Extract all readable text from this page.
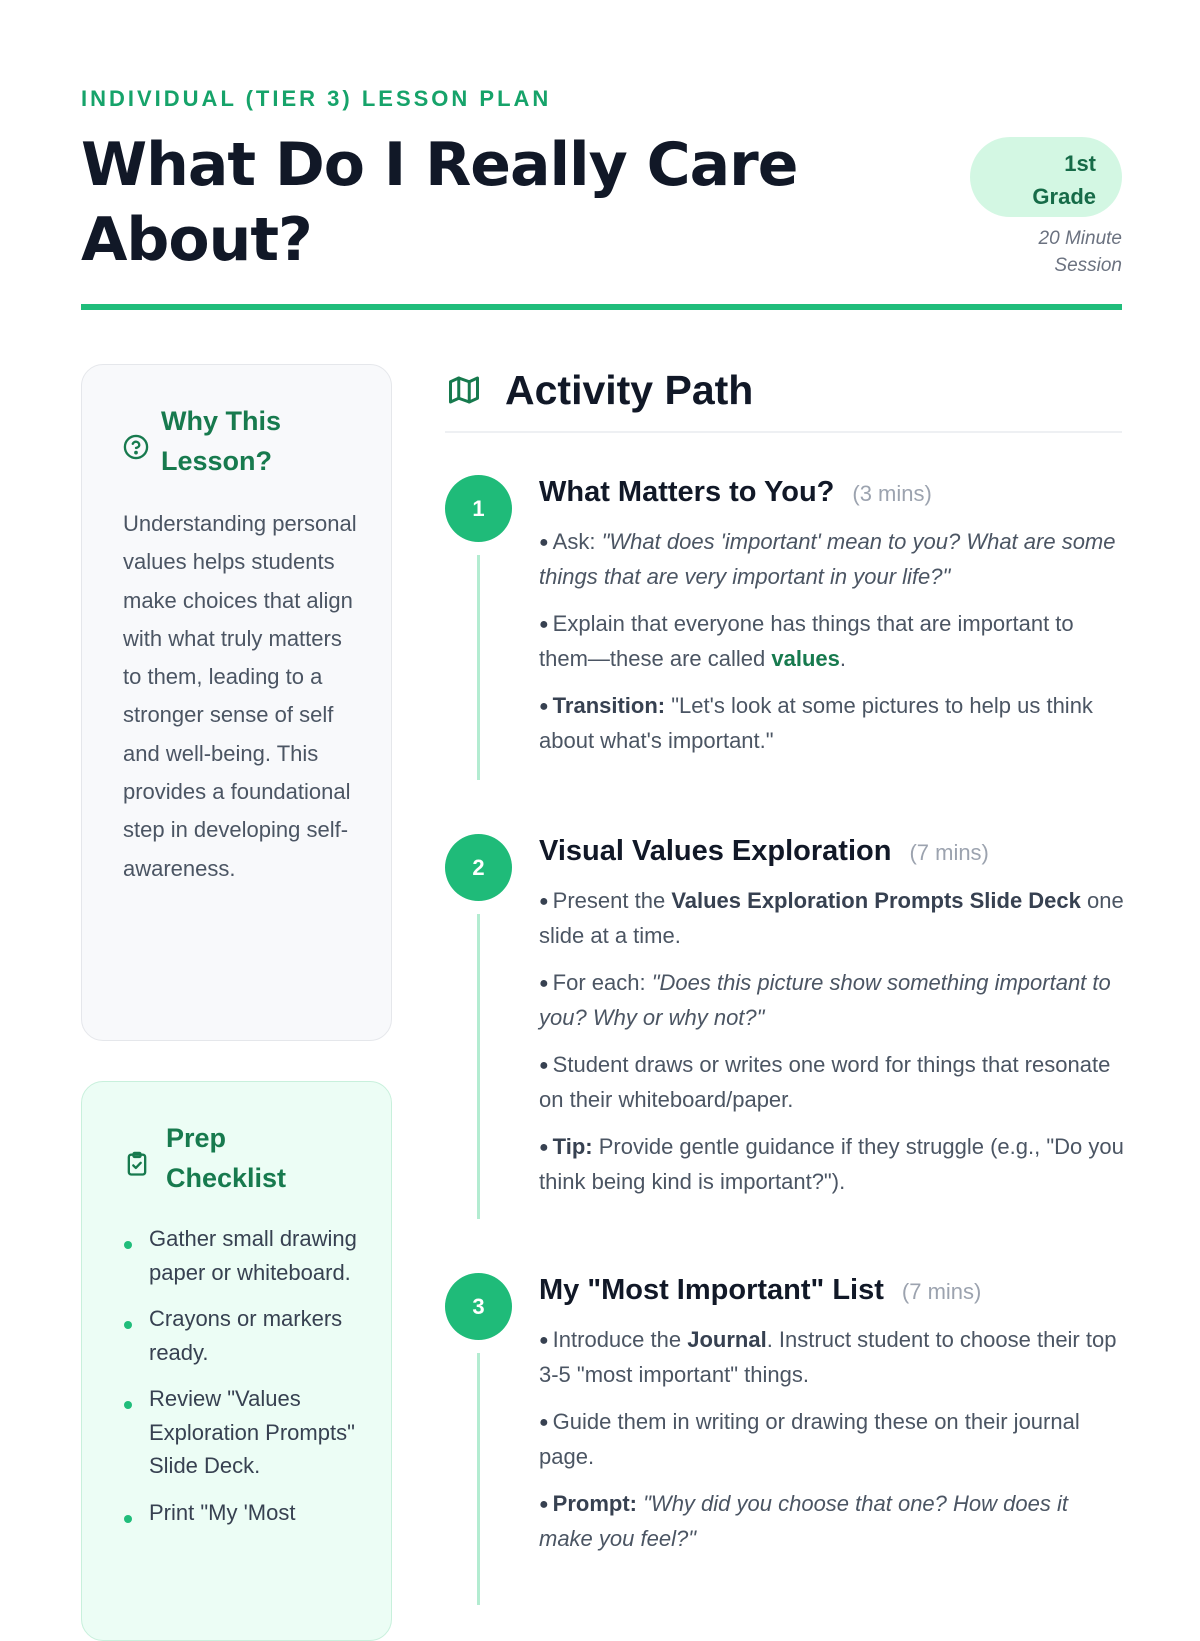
INDIVIDUAL (TIER 3) LESSON PLAN
What Do I Really Care About?
1st
Grade
20 Minute
Session
Why This
Lesson?
Understanding personal values helps students make choices that align with what truly matters to them, leading to a stronger sense of self and well-being. This provides a foundational step in developing self-awareness.
Prep
Checklist
Gather small drawing paper or whiteboard.
Crayons or markers ready.
Review "Values Exploration Prompts" Slide Deck.
Print "My 'Most
Activity Path
1	What Matters to You? (3 mins)

● Ask: "What does 'important' mean to you? What are some things that are very important in your life?"

● Explain that everyone has things that are important to them—these are called values.

● Transition: "Let's look at some pictures to help us think about what's important."

2	Visual Values Exploration (7 mins)

● Present the Values Exploration Prompts Slide Deck one slide at a time.

● For each: "Does this picture show something important to you? Why or why not?"

● Student draws or writes one word for things that resonate on their whiteboard/paper.

● Tip: Provide gentle guidance if they struggle (e.g., "Do you think being kind is important?").

3	My "Most Important" List (7 mins)

● Introduce the Journal. Instruct student to choose their top 3-5 "most important" things.

● Guide them in writing or drawing these on their journal page.

● Prompt: "Why did you choose that one? How does it make you feel?"
